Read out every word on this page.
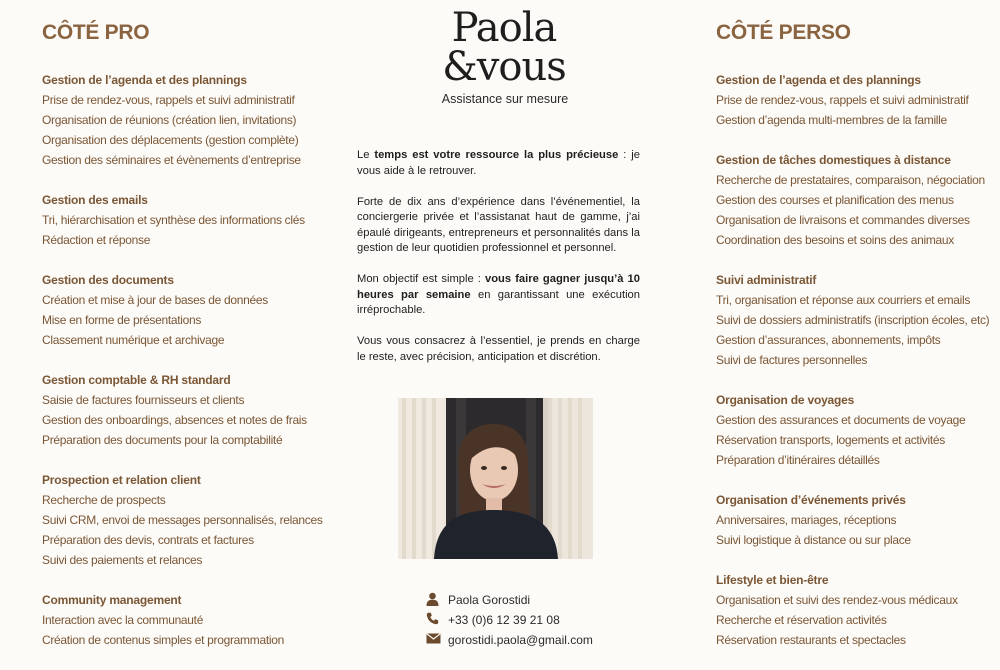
CÔTÉ PRO
Gestion de l’agenda et des plannings
Prise de rendez-vous, rappels et suivi administratif
Organisation de réunions (création lien, invitations)
Organisation des déplacements (gestion complète)
Gestion des séminaires et évènements d’entreprise
Gestion des emails
Tri, hiérarchisation et synthèse des informations clés
Rédaction et réponse
Gestion des documents
Création et mise à jour de bases de données
Mise en forme de présentations
Classement numérique et archivage
Gestion comptable & RH standard
Saisie de factures fournisseurs et clients
Gestion des onboardings, absences et notes de frais
Préparation des documents pour la comptabilité
Prospection et relation client
Recherche de prospects
Suivi CRM, envoi de messages personnalisés, relances
Préparation des devis, contrats et factures
Suivi des paiements et relances
Community management
Interaction avec la communauté
Création de contenus simples et programmation
Paola
&vous
Assistance sur mesure

Le temps est votre ressource la plus précieuse : je vous aide à le retrouver.

Forte de dix ans d’expérience dans l’événementiel, la conciergerie privée et l’assistanat haut de gamme, j’ai épaulé dirigeants, entrepreneurs et personnalités dans la gestion de leur quotidien professionnel et personnel.

Mon objectif est simple : vous faire gagner jusqu’à 10 heures par semaine en garantissant une exécution irréprochable.

Vous vous consacrez à l’essentiel, je prends en charge le reste, avec précision, anticipation et discrétion.

Paola Gorostidi
+33 (0)6 12 39 21 08
gorostidi.paola@gmail.com
CÔTÉ PERSO
Gestion de l’agenda et des plannings
Prise de rendez-vous, rappels et suivi administratif
Gestion d’agenda multi-membres de la famille
Gestion de tâches domestiques à distance
Recherche de prestataires, comparaison, négociation
Gestion des courses et planification des menus
Organisation de livraisons et commandes diverses
Coordination des besoins et soins des animaux
Suivi administratif
Tri, organisation et réponse aux courriers et emails
Suivi de dossiers administratifs (inscription écoles, etc)
Gestion d’assurances, abonnements, impôts
Suivi de factures personnelles
Organisation de voyages
Gestion des assurances et documents de voyage
Réservation transports, logements et activités
Préparation d’itinéraires détaillés
Organisation d’événements privés
Anniversaires, mariages, réceptions
Suivi logistique à distance ou sur place
Lifestyle et bien-être
Organisation et suivi des rendez-vous médicaux
Recherche et réservation activités
Réservation restaurants et spectacles
